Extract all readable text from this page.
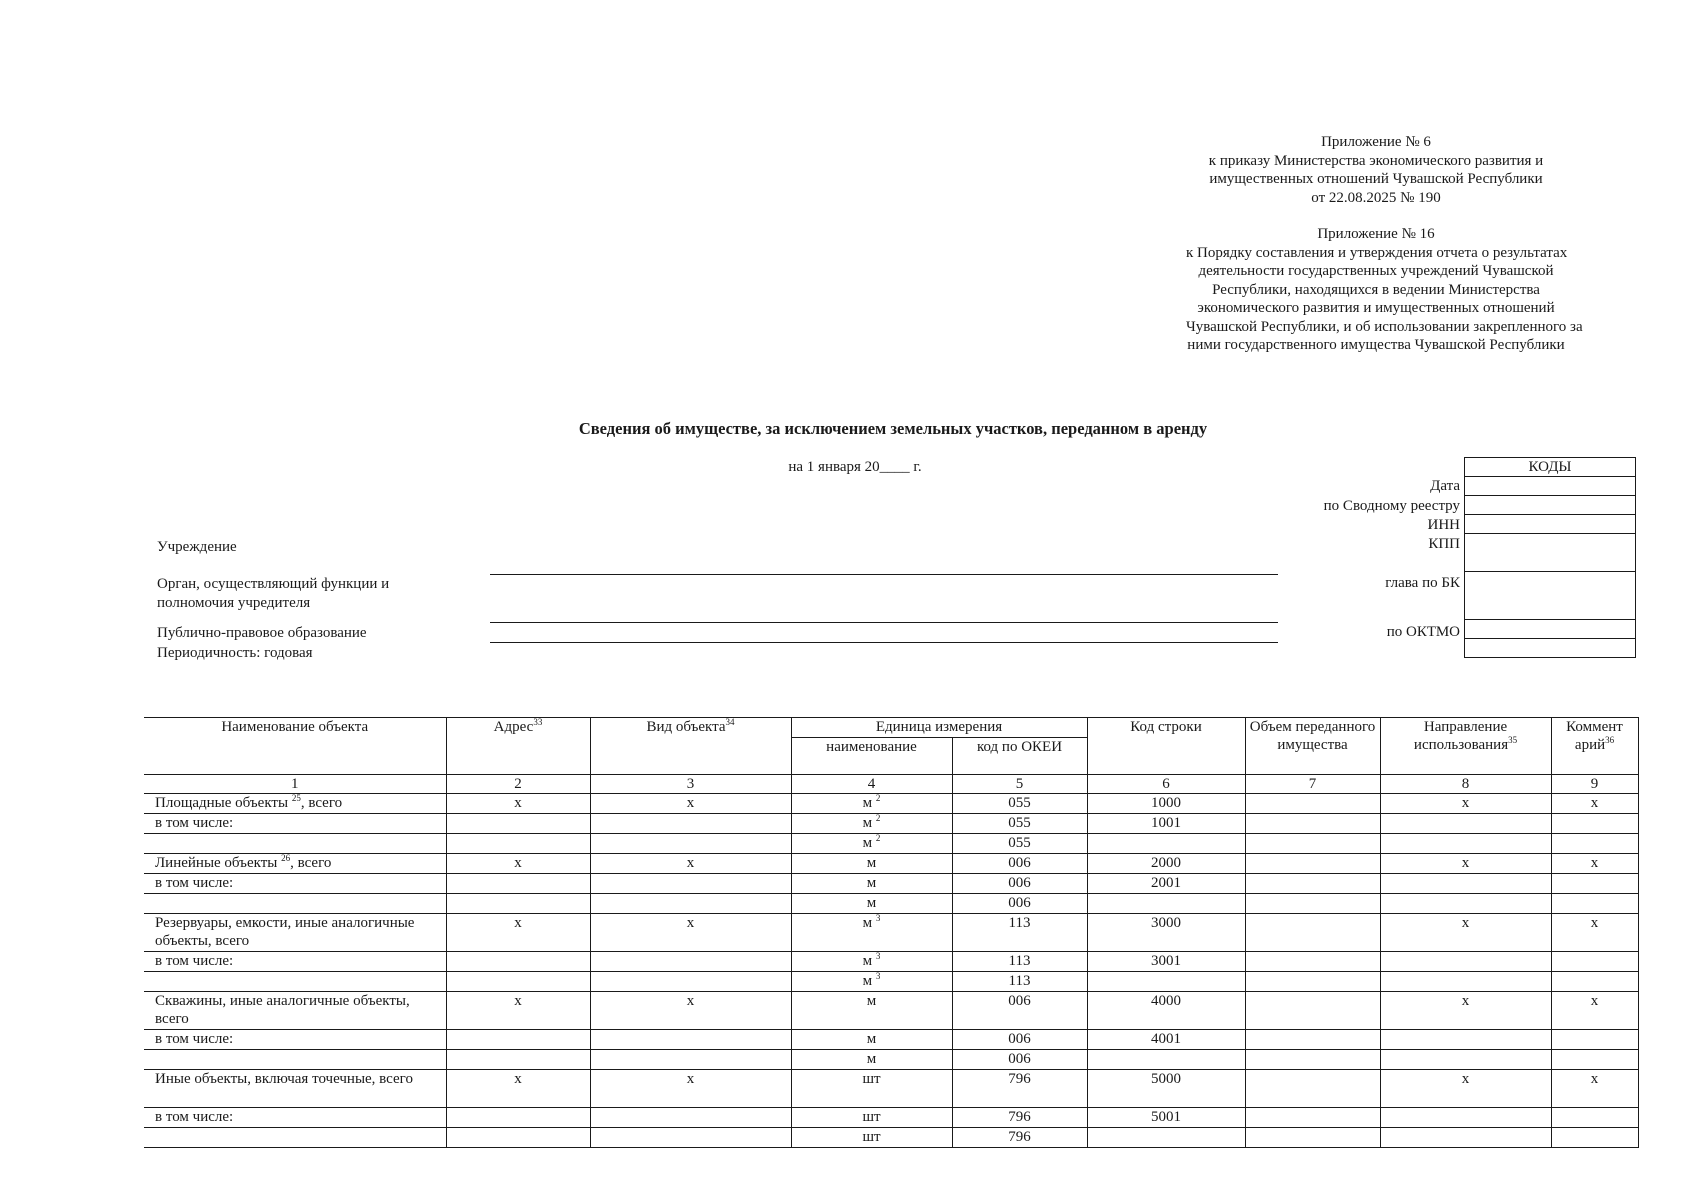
Приложение № 6
к приказу Министерства экономического развития и
имущественных отношений Чувашской Республики
от 22.08.2025 № 190
Приложение № 16
к Порядку составления и утверждения отчета о результатах
деятельности государственных учреждений Чувашской
Республики, находящихся в ведении Министерства
экономического развития и имущественных отношений
Чувашской Республики, и об использовании закрепленного за
ними государственного имущества Чувашской Республики
Сведения об имуществе, за исключением земельных участков, переданном в аренду
на 1 января 20____ г.
Учреждение
Орган, осуществляющий функции и
полномочия учредителя
Публично-правовое образование
Периодичность: годовая
Дата
по Сводному реестру
ИНН
КПП
глава по БК
по ОКТМО
КОДЫ

Наименование объекта	Адрес$^{33}$	Вид объекта$^{34}$	Единица измерения		Код строки	Объем переданного имущества	Направление использования$^{35}$	Коммент арий$^{36}$
			наименование	код по ОКЕИ				
1	2	3	4	5	6	7	8	9
Площадные объекты $^{25}$, всего	х	х	м $^2$	055	1000		х	х
в том числе:			м $^2$	055	1001			
			м $^2$	055				
Линейные объекты $^{26}$, всего	х	х	м	006	2000		х	х
в том числе:			м	006	2001			
			м	006				
Резервуары, емкости, иные аналогичные объекты, всего	х	х	м $^3$	113	3000		х	х
в том числе:			м $^3$	113	3001			
			м $^3$	113				
Скважины, иные аналогичные объекты, всего	х	х	м	006	4000		х	х
в том числе:			м	006	4001			
			м	006				
Иные объекты, включая точечные, всего	х	х	шт	796	5000		х	х
в том числе:			шт	796	5001			
			шт	796				
